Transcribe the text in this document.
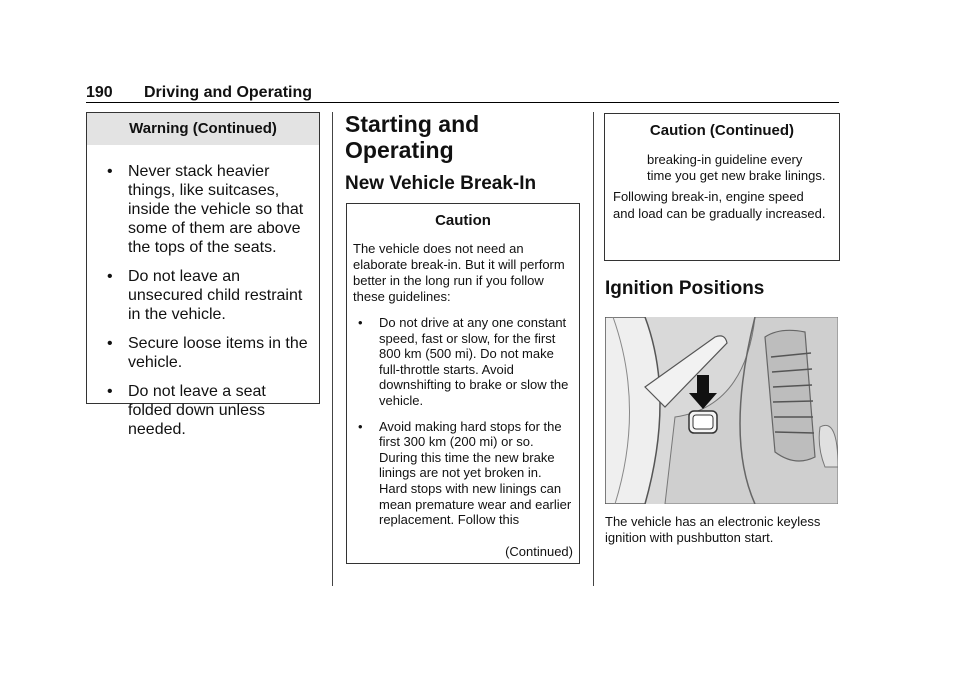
190 Driving and Operating
Warning (Continued)
• Never stack heavier things, like suitcases, inside the vehicle so that some of them are above the tops of the seats.
• Do not leave an unsecured child restraint in the vehicle.
• Secure loose items in the vehicle.
• Do not leave a seat folded down unless needed.
Starting and Operating
New Vehicle Break-In
Caution
The vehicle does not need an elaborate break-in. But it will perform better in the long run if you follow these guidelines:
• Do not drive at any one constant speed, fast or slow, for the first 800 km (500 mi). Do not make full-throttle starts. Avoid downshifting to brake or slow the vehicle.
• Avoid making hard stops for the first 300 km (200 mi) or so. During this time the new brake linings are not yet broken in. Hard stops with new linings can mean premature wear and earlier replacement. Follow this
(Continued)
Caution (Continued)
breaking-in guideline every time you get new brake linings.
Following break-in, engine speed and load can be gradually increased.
Ignition Positions
The vehicle has an electronic keyless ignition with pushbutton start.
